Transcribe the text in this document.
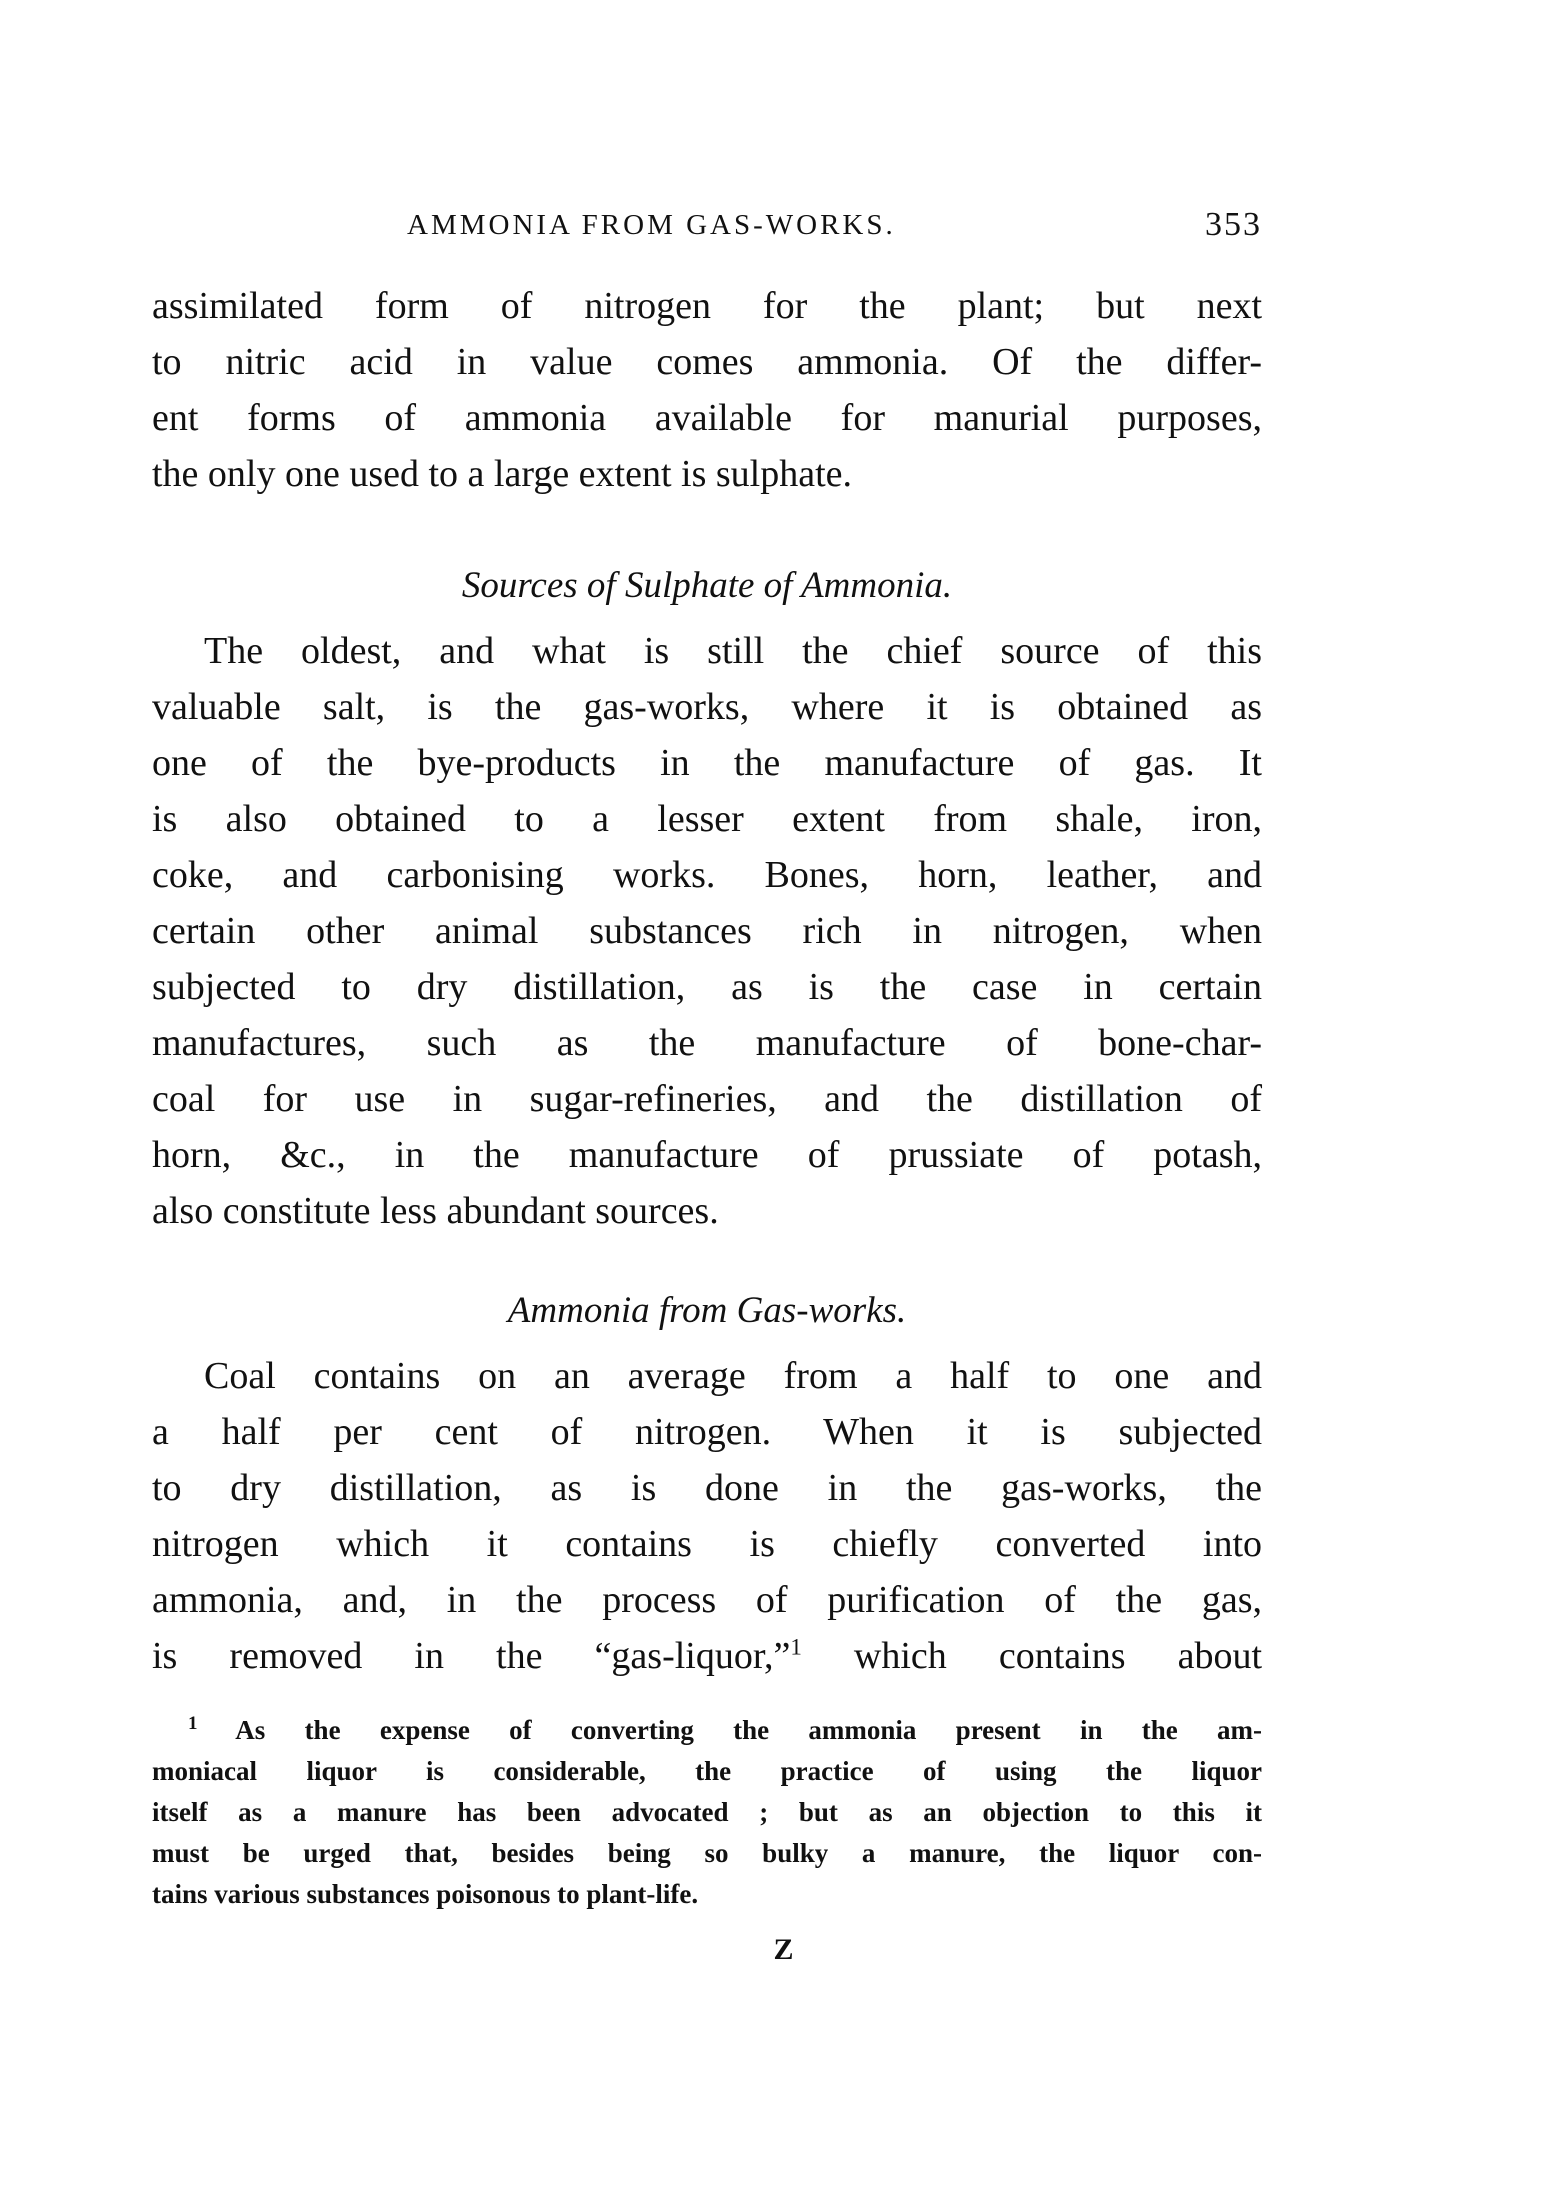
AMMONIA FROM GAS-WORKS.	353
assimilated form of nitrogen for the plant; but next
to nitric acid in value comes ammonia. Of the differ-
ent forms of ammonia available for manurial purposes,
the only one used to a large extent is sulphate.
Sources of Sulphate of Ammonia.
The oldest, and what is still the chief source of this
valuable salt, is the gas-works, where it is obtained as
one of the bye-products in the manufacture of gas. It
is also obtained to a lesser extent from shale, iron,
coke, and carbonising works. Bones, horn, leather, and
certain other animal substances rich in nitrogen, when
subjected to dry distillation, as is the case in certain
manufactures, such as the manufacture of bone-char-
coal for use in sugar-refineries, and the distillation of
horn, &c., in the manufacture of prussiate of potash,
also constitute less abundant sources.
Ammonia from Gas-works.
Coal contains on an average from a half to one and
a half per cent of nitrogen. When it is subjected
to dry distillation, as is done in the gas-works, the
nitrogen which it contains is chiefly converted into
ammonia, and, in the process of purification of the gas,
is removed in the “gas-liquor,”$^1$ which contains about
$^1$ As the expense of converting the ammonia present in the am-
moniacal liquor is considerable, the practice of using the liquor
itself as a manure has been advocated ; but as an objection to this it
must be urged that, besides being so bulky a manure, the liquor con-
tains various substances poisonous to plant-life.
Z
